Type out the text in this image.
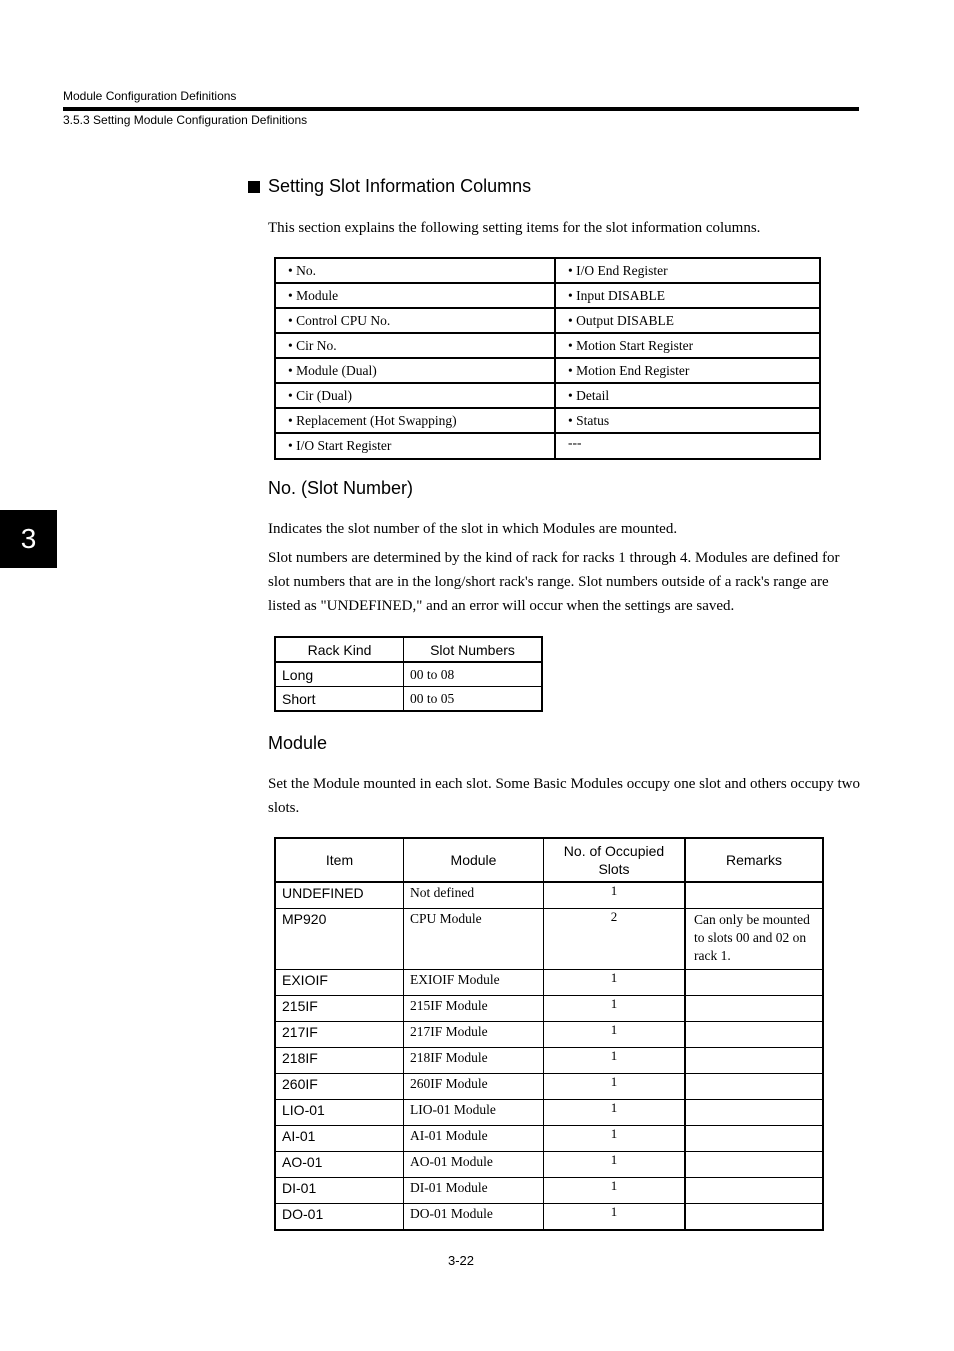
Module Configuration Definitions
3.5.3 Setting Module Configuration Definitions
3
Setting Slot Information Columns
This section explains the following setting items for the slot information columns.
• No.	• I/O End Register
• Module	• Input DISABLE
• Control CPU No.	• Output DISABLE
• Cir No.	• Motion Start Register
• Module (Dual)	• Motion End Register
• Cir (Dual)	• Detail
• Replacement (Hot Swapping)	• Status
• I/O Start Register	---
No. (Slot Number)
Indicates the slot number of the slot in which Modules are mounted.
Slot numbers are determined by the kind of rack for racks 1 through 4. Modules are defined for slot numbers that are in the long/short rack's range. Slot numbers outside of a rack's range are listed as "UNDEFINED," and an error will occur when the settings are saved.
Rack Kind	Slot Numbers
Long	00 to 08
Short	00 to 05
Module
Set the Module mounted in each slot. Some Basic Modules occupy one slot and others occupy two slots.
Item	Module	No. of Occupied Slots	Remarks
UNDEFINED	Not defined	1	
MP920	CPU Module	2	Can only be mounted to slots 00 and 02 on rack 1.
EXIOIF	EXIOIF Module	1	
215IF	215IF Module	1	
217IF	217IF Module	1	
218IF	218IF Module	1	
260IF	260IF Module	1	
LIO-01	LIO-01 Module	1	
AI-01	AI-01 Module	1	
AO-01	AO-01 Module	1	
DI-01	DI-01 Module	1	
DO-01	DO-01 Module	1	
3-22
